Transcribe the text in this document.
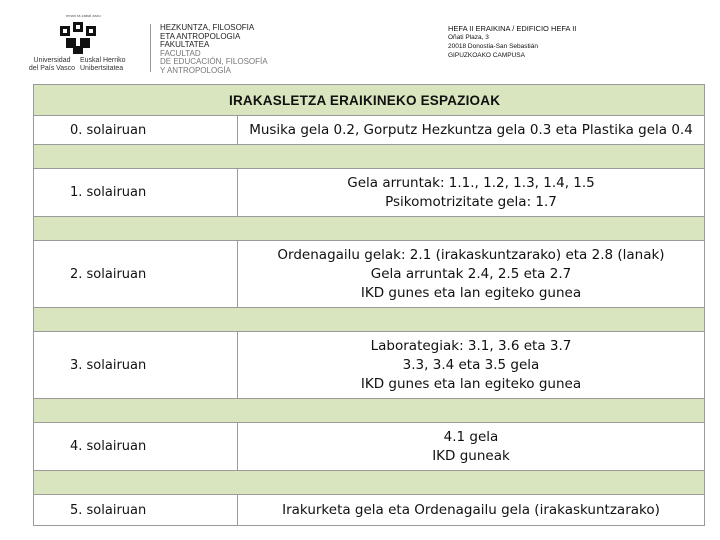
eman ta zabal zazu
Universidad
del País Vasco
Euskal Herriko
Unibertsitatea
HEZKUNTZA, FILOSOFIA
ETA ANTROPOLOGIA
FAKULTATEA
FACULTAD
DE EDUCACIÓN, FILOSOFÍA
Y ANTROPOLOGÍA
HEFA II ERAIKINA / EDIFICIO HEFA II
Oñati Plaza, 3
20018 Donostia-San Sebastián
GIPUZKOAKO CAMPUSA
IRAKASLETZA ERAIKINEKO ESPAZIOAK
0. solairuan	Musika gela 0.2, Gorputz Hezkuntza gela 0.3 eta Plastika gela 0.4
1. solairuan
Gela arruntak: 1.1., 1.2, 1.3, 1.4, 1.5
Psikomotrizitate gela: 1.7
2. solairuan
Ordenagailu gelak: 2.1 (irakaskuntzarako) eta 2.8 (lanak)
Gela arruntak 2.4, 2.5 eta 2.7
IKD gunes eta lan egiteko gunea
3. solairuan
Laborategiak: 3.1, 3.6 eta 3.7
3.3, 3.4 eta 3.5 gela
IKD gunes eta lan egiteko gunea
4. solairuan
4.1 gela
IKD guneak
5. solairuan	Irakurketa gela eta Ordenagailu gela (irakaskuntzarako)
